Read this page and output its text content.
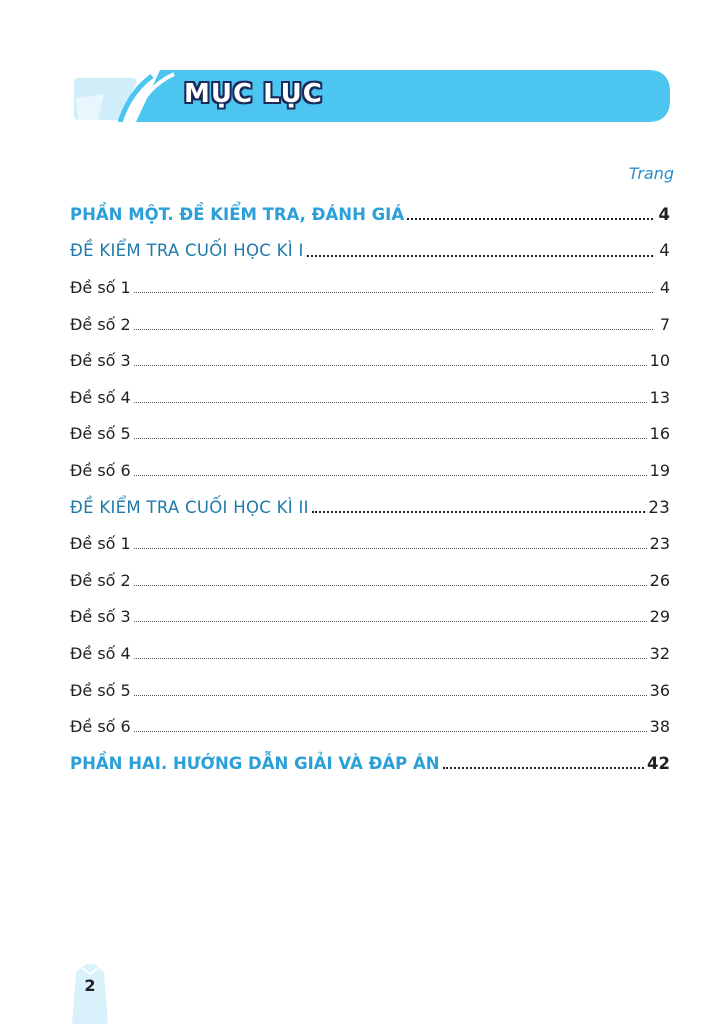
MỤC LỤC
Trang
PHẦN MỘT. ĐỀ KIỂM TRA, ĐÁNH GIÁ	4
ĐỀ KIỂM TRA CUỐI HỌC KÌ I	4
Đề số 1	4
Đề số 2	7
Đề số 3	10
Đề số 4	13
Đề số 5	16
Đề số 6	19
ĐỀ KIỂM TRA CUỐI HỌC KÌ II	23
Đề số 1	23
Đề số 2	26
Đề số 3	29
Đề số 4	32
Đề số 5	36
Đề số 6	38
PHẦN HAI. HƯỚNG DẪN GIẢI VÀ ĐÁP ÁN	42
2
